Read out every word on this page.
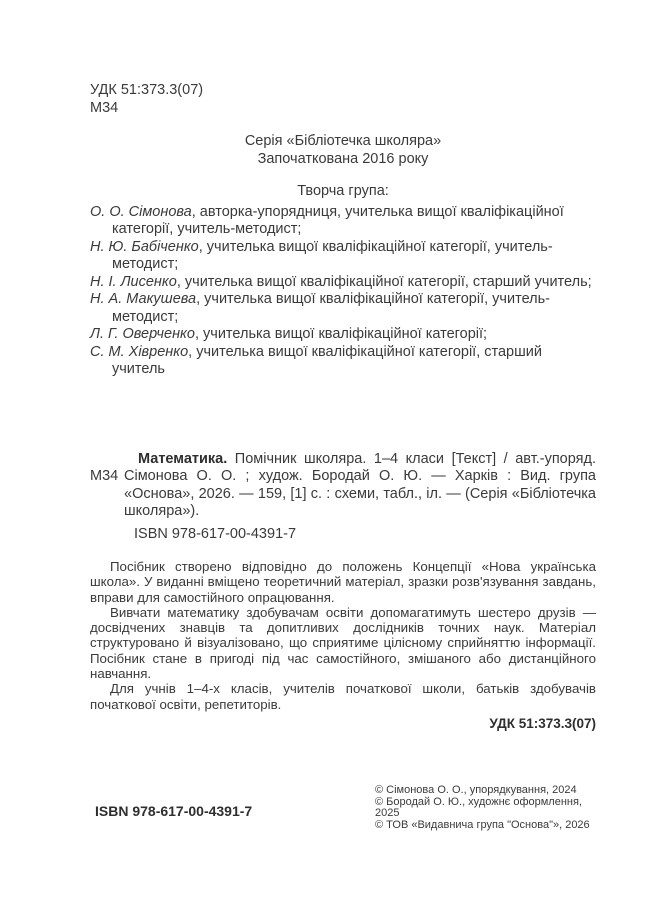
УДК 51:373.3(07)
М34
Серія «Бібліотечка школяра»
Започаткована 2016 року
Творча група:

О. О. Сімонова, авторка-упорядниця, учителька вищої кваліфікаційної категорії, учитель-методист;

Н. Ю. Бабіченко, учителька вищої кваліфікаційної категорії, учитель-методист;

Н. І. Лисенко, учителька вищої кваліфікаційної категорії, старший учитель;

Н. А. Макушева, учителька вищої кваліфікаційної категорії, учитель-методист;

Л. Г. Оверченко, учителька вищої кваліфікаційної категорії;

С. М. Хівренко, учителька вищої кваліфікаційної категорії, старший учитель

М34

Математика. Помічник школяра. 1–4 класи [Текст] / авт.-упоряд. Сімонова О. О. ; худож. Бородай О. Ю. — Харків : Вид. група «Основа», 2026. — 159, [1] с. : схеми, табл., іл. — (Серія «Бібліотечка школяра»).

ISBN 978-617-00-4391-7

Посібник створено відповідно до положень Концепції «Нова українська школа». У виданні вміщено теоретичний матеріал, зразки розв'язування завдань, вправи для самостійного опрацювання.

Вивчати математику здобувачам освіти допомагатимуть шестеро друзів — досвідчених знавців та допитливих дослідників точних наук. Матеріал структуровано й візуалізовано, що сприятиме цілісному сприйняттю інформації. Посібник стане в пригоді під час самостійного, змішаного або дистанційного навчання.

Для учнів 1–4-х класів, учителів початкової школи, батьків здобувачів початкової освіти, репетиторів.

УДК 51:373.3(07)
ISBN 978-617-00-4391-7
© Сімонова О. О., упорядкування, 2024
© Бородай О. Ю., художнє оформлення, 2025
© ТОВ «Видавнича група "Основа"», 2026
